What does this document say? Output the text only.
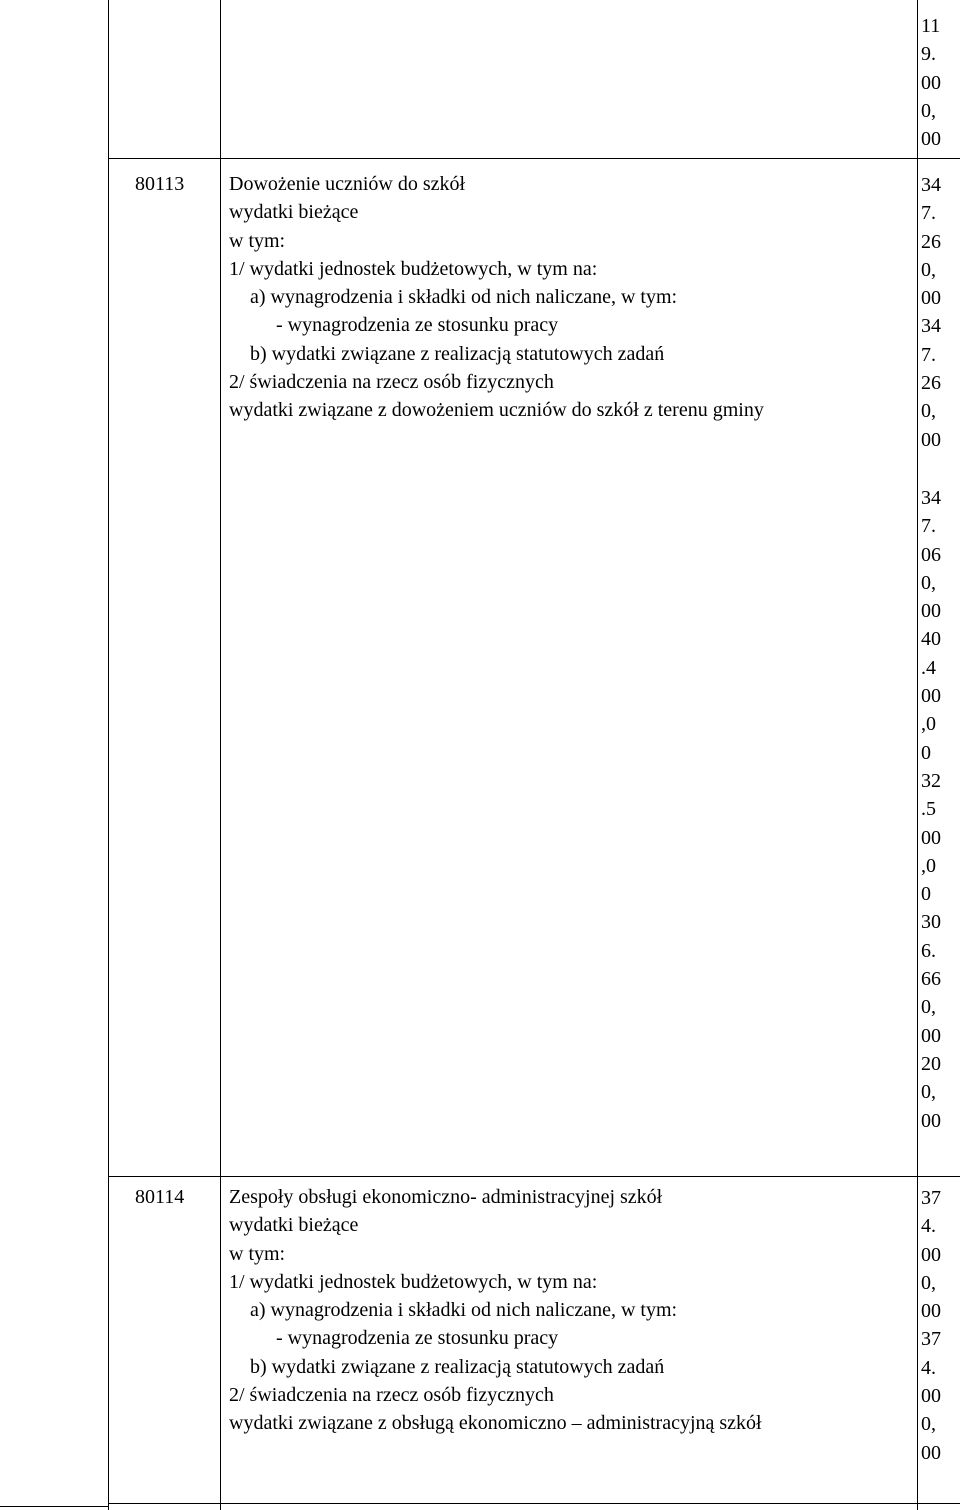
11
9.
00
0,
00
80113 Dowożenie uczniów do szkół
wydatki bieżące
w tym:
1/ wydatki jednostek budżetowych, w tym na:
a) wynagrodzenia i składki od nich naliczane, w tym:
- wynagrodzenia ze stosunku pracy
b) wydatki związane z realizacją statutowych zadań
2/ świadczenia na rzecz osób fizycznych
wydatki związane z dowożeniem uczniów do szkół z terenu gminy
34
7.
26
0,
00
34
7.
26
0,
00
34
7.
06
0,
00
40
.4
00
,0
0
32
.5
00
,0
0
30
6.
66
0,
00
20
0,
00
80114 Zespoły obsługi ekonomiczno- administracyjnej szkół
wydatki bieżące
w tym:
1/ wydatki jednostek budżetowych, w tym na:
a) wynagrodzenia i składki od nich naliczane, w tym:
- wynagrodzenia ze stosunku pracy
b) wydatki związane z realizacją statutowych zadań
2/ świadczenia na rzecz osób fizycznych
wydatki związane z obsługą ekonomiczno – administracyjną szkół
37
4.
00
0,
00
37
4.
00
0,
00
